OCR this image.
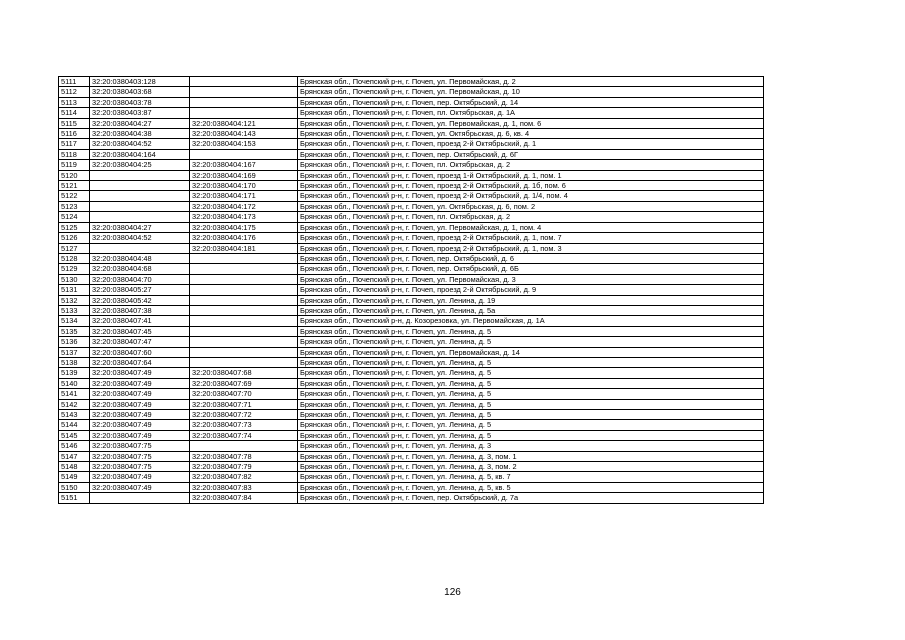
5111	32:20:0380403:128		Брянская обл., Почепский р-н, г. Почеп, ул. Первомайская, д. 2
5112	32:20:0380403:68		Брянская обл., Почепский р-н, г. Почеп, ул. Первомайская, д. 10
5113	32:20:0380403:78		Брянская обл., Почепский р-н, г. Почеп, пер. Октябрьский, д. 14
5114	32:20:0380403:87		Брянская обл., Почепский р-н, г. Почеп, пл. Октябрьская, д. 1А
5115	32:20:0380404:27	32:20:0380404:121	Брянская обл., Почепский р-н, г. Почеп, ул. Первомайская, д. 1, пом. 6
5116	32:20:0380404:38	32:20:0380404:143	Брянская обл., Почепский р-н, г. Почеп, ул. Октябрьская, д. 6, кв. 4
5117	32:20:0380404:52	32:20:0380404:153	Брянская обл., Почепский р-н, г. Почеп, проезд 2-й Октябрьский, д. 1
5118	32:20:0380404:164		Брянская обл., Почепский р-н, г. Почеп, пер. Октябрьский, д. 6Г
5119	32:20:0380404:25	32:20:0380404:167	Брянская обл., Почепский р-н, г. Почеп, пл. Октябрьская, д. 2
5120		32:20:0380404:169	Брянская обл., Почепский р-н, г. Почеп, проезд 1-й Октябрьский, д. 1, пом. 1
5121		32:20:0380404:170	Брянская обл., Почепский р-н, г. Почеп, проезд 2-й Октябрьский, д. 1б, пом. 6
5122		32:20:0380404:171	Брянская обл., Почепский р-н, г. Почеп, проезд 2-й Октябрьский, д. 1/4, пом. 4
5123		32:20:0380404:172	Брянская обл., Почепский р-н, г. Почеп, ул. Октябрьская, д. 6, пом. 2
5124		32:20:0380404:173	Брянская обл., Почепский р-н, г. Почеп, пл. Октябрьская, д. 2
5125	32:20:0380404:27	32:20:0380404:175	Брянская обл., Почепский р-н, г. Почеп, ул. Первомайская, д. 1, пом. 4
5126	32:20:0380404:52	32:20:0380404:176	Брянская обл., Почепский р-н, г. Почеп, проезд 2-й Октябрьский, д. 1, пом. 7
5127		32:20:0380404:181	Брянская обл., Почепский р-н, г. Почеп, проезд 2-й Октябрьский, д. 1, пом. 3
5128	32:20:0380404:48		Брянская обл., Почепский р-н, г. Почеп, пер. Октябрьский, д. 6
5129	32:20:0380404:68		Брянская обл., Почепский р-н, г. Почеп, пер. Октябрьский, д. 6Б
5130	32:20:0380404:70		Брянская обл., Почепский р-н, г. Почеп, ул. Первомайская, д. 3
5131	32:20:0380405:27		Брянская обл., Почепский р-н, г. Почеп, проезд 2-й Октябрьский, д. 9
5132	32:20:0380405:42		Брянская обл., Почепский р-н, г. Почеп, ул. Ленина, д. 19
5133	32:20:0380407:38		Брянская обл., Почепский р-н, г. Почеп, ул. Ленина, д. 5а
5134	32:20:0380407:41		Брянская обл., Почепский р-н, д. Козорезовка, ул. Первомайская, д. 1А
5135	32:20:0380407:45		Брянская обл., Почепский р-н, г. Почеп, ул. Ленина, д. 5
5136	32:20:0380407:47		Брянская обл., Почепский р-н, г. Почеп, ул. Ленина, д. 5
5137	32:20:0380407:60		Брянская обл., Почепский р-н, г. Почеп, ул. Первомайская, д. 14
5138	32:20:0380407:64		Брянская обл., Почепский р-н, г. Почеп, ул. Ленина, д. 5
5139	32:20:0380407:49	32:20:0380407:68	Брянская обл., Почепский р-н, г. Почеп, ул. Ленина, д. 5
5140	32:20:0380407:49	32:20:0380407:69	Брянская обл., Почепский р-н, г. Почеп, ул. Ленина, д. 5
5141	32:20:0380407:49	32:20:0380407:70	Брянская обл., Почепский р-н, г. Почеп, ул. Ленина, д. 5
5142	32:20:0380407:49	32:20:0380407:71	Брянская обл., Почепский р-н, г. Почеп, ул. Ленина, д. 5
5143	32:20:0380407:49	32:20:0380407:72	Брянская обл., Почепский р-н, г. Почеп, ул. Ленина, д. 5
5144	32:20:0380407:49	32:20:0380407:73	Брянская обл., Почепский р-н, г. Почеп, ул. Ленина, д. 5
5145	32:20:0380407:49	32:20:0380407:74	Брянская обл., Почепский р-н, г. Почеп, ул. Ленина, д. 5
5146	32:20:0380407:75		Брянская обл., Почепский р-н, г. Почеп, ул. Ленина, д. 3
5147	32:20:0380407:75	32:20:0380407:78	Брянская обл., Почепский р-н, г. Почеп, ул. Ленина, д. 3, пом. 1
5148	32:20:0380407:75	32:20:0380407:79	Брянская обл., Почепский р-н, г. Почеп, ул. Ленина, д. 3, пом. 2
5149	32:20:0380407:49	32:20:0380407:82	Брянская обл., Почепский р-н, г. Почеп, ул. Ленина, д. 5, кв. 7
5150	32:20:0380407:49	32:20:0380407:83	Брянская обл., Почепский р-н, г. Почеп, ул. Ленина, д. 5, кв. 5
5151		32:20:0380407:84	Брянская обл., Почепский р-н, г. Почеп, пер. Октябрьский, д. 7а
126
